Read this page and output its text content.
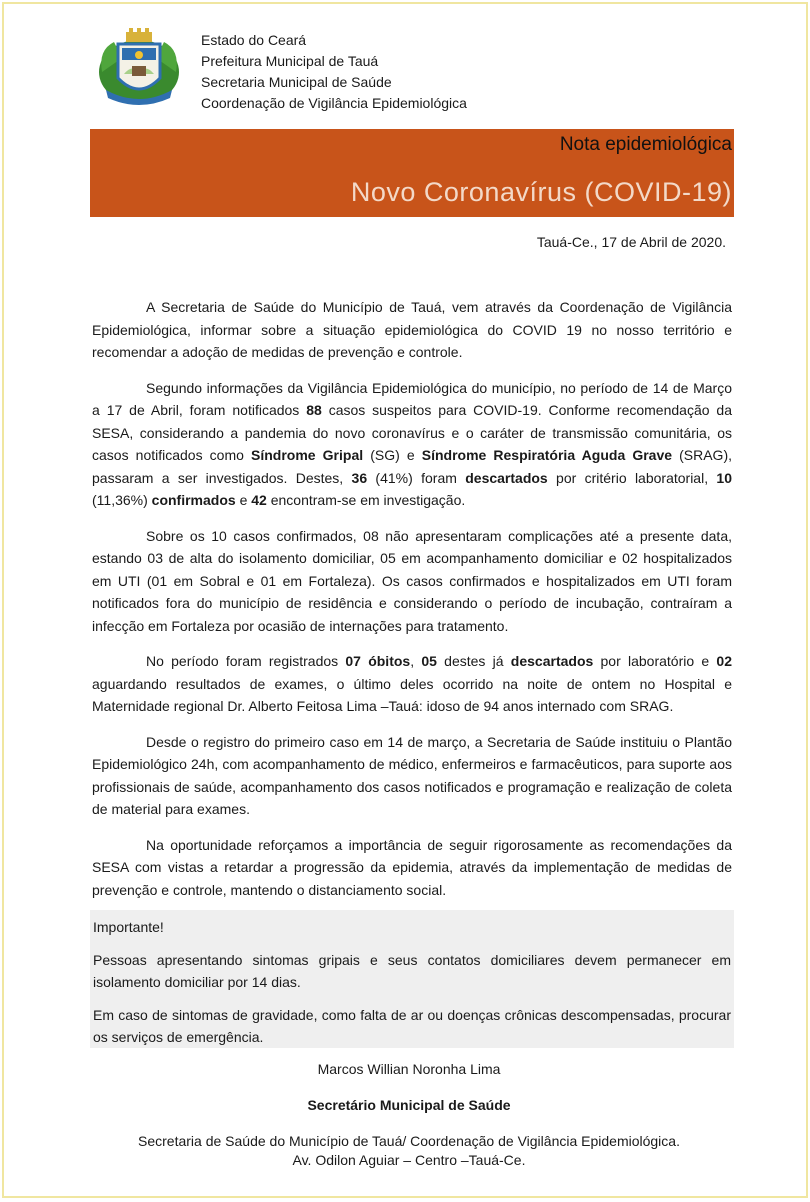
Estado do Ceará
Prefeitura Municipal de Tauá
Secretaria Municipal de Saúde
Coordenação de Vigilância Epidemiológica
Nota epidemiológica
Novo Coronavírus (COVID-19)
Tauá-Ce., 17 de Abril de 2020.

A Secretaria de Saúde do Município de Tauá, vem através da Coordenação de Vigilância Epidemiológica, informar sobre a situação epidemiológica do COVID 19 no nosso território e recomendar a adoção de medidas de prevenção e controle.

Segundo informações da Vigilância Epidemiológica do município, no período de 14 de Março a 17 de Abril, foram notificados 88 casos suspeitos para COVID-19. Conforme recomendação da SESA, considerando a pandemia do novo coronavírus e o caráter de transmissão comunitária, os casos notificados como Síndrome Gripal (SG) e Síndrome Respiratória Aguda Grave (SRAG), passaram a ser investigados. Destes, 36 (41%) foram descartados por critério laboratorial, 10 (11,36%) confirmados e 42 encontram-se em investigação.

Sobre os 10 casos confirmados, 08 não apresentaram complicações até a presente data, estando 03 de alta do isolamento domiciliar, 05 em acompanhamento domiciliar e 02 hospitalizados em UTI (01 em Sobral e 01 em Fortaleza). Os casos confirmados e hospitalizados em UTI foram notificados fora do município de residência e considerando o período de incubação, contraíram a infecção em Fortaleza por ocasião de internações para tratamento.

No período foram registrados 07 óbitos, 05 destes já descartados por laboratório e 02 aguardando resultados de exames, o último deles ocorrido na noite de ontem no Hospital e Maternidade regional Dr. Alberto Feitosa Lima –Tauá: idoso de 94 anos internado com SRAG.

Desde o registro do primeiro caso em 14 de março, a Secretaria de Saúde instituiu o Plantão Epidemiológico 24h, com acompanhamento de médico, enfermeiros e farmacêuticos, para suporte aos profissionais de saúde, acompanhamento dos casos notificados e programação e realização de coleta de material para exames.

Na oportunidade reforçamos a importância de seguir rigorosamente as recomendações da SESA com vistas a retardar a progressão da epidemia, através da implementação de medidas de prevenção e controle, mantendo o distanciamento social.

Importante!

Pessoas apresentando sintomas gripais e seus contatos domiciliares devem permanecer em isolamento domiciliar por 14 dias.

Em caso de sintomas de gravidade, como falta de ar ou doenças crônicas descompensadas, procurar os serviços de emergência.

Marcos Willian Noronha Lima
Secretário Municipal de Saúde
Secretaria de Saúde do Município de Tauá/ Coordenação de Vigilância Epidemiológica.
Av. Odilon Aguiar – Centro –Tauá-Ce.
